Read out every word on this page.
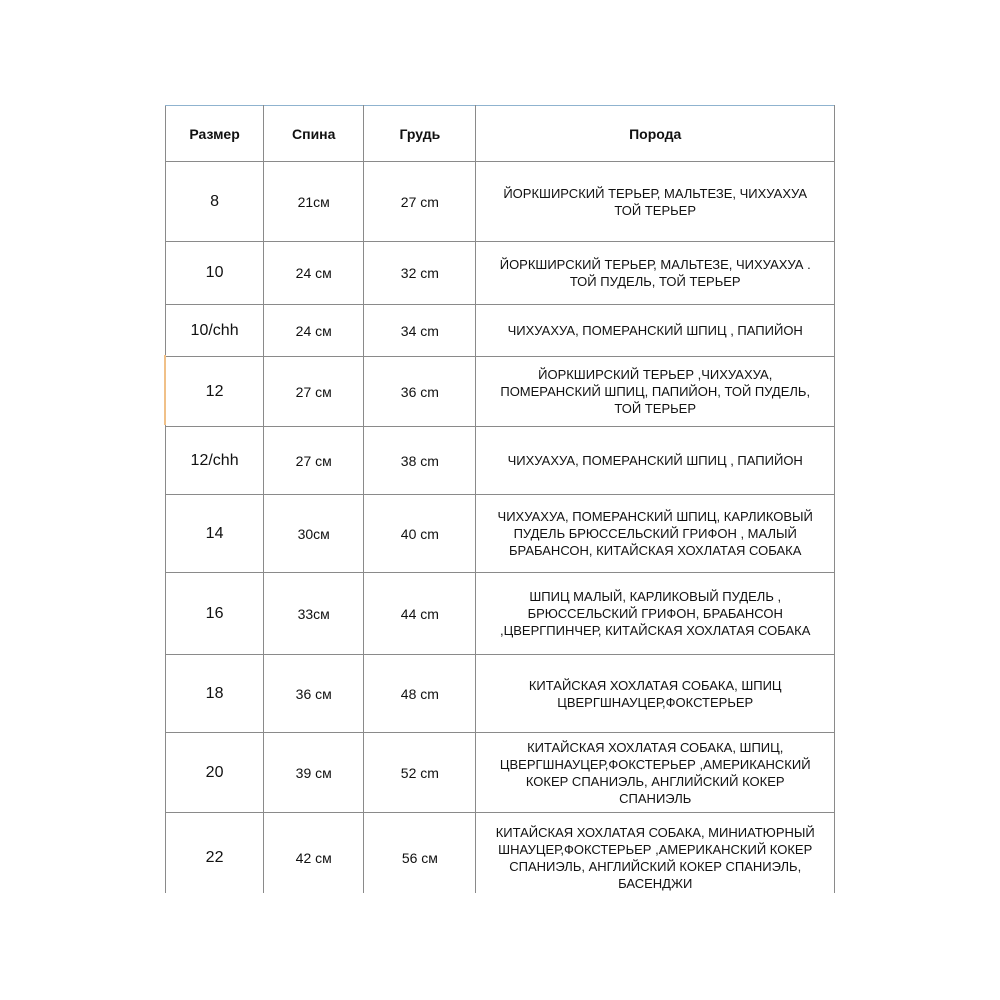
Размер	Спина	Грудь	Порода
8	21см	27 cm	ЙОРКШИРСКИЙ ТЕРЬЕР, МАЛЬТЕЗЕ, ЧИХУАХУА ТОЙ ТЕРЬЕР
10	24 см	32 cm	ЙОРКШИРСКИЙ ТЕРЬЕР, МАЛЬТЕЗЕ, ЧИХУАХУА . ТОЙ ПУДЕЛЬ, ТОЙ ТЕРЬЕР
10/chh	24 см	34 cm	ЧИХУАХУА, ПОМЕРАНСКИЙ ШПИЦ , ПАПИЙОН
12	27 см	36 cm	ЙОРКШИРСКИЙ ТЕРЬЕР ,ЧИХУАХУА, ПОМЕРАНСКИЙ ШПИЦ, ПАПИЙОН, ТОЙ ПУДЕЛЬ, ТОЙ ТЕРЬЕР
12/chh	27 см	38 cm	ЧИХУАХУА, ПОМЕРАНСКИЙ ШПИЦ , ПАПИЙОН
14	30см	40 cm	ЧИХУАХУА, ПОМЕРАНСКИЙ ШПИЦ, КАРЛИКОВЫЙ ПУДЕЛЬ БРЮССЕЛЬСКИЙ ГРИФОН , МАЛЫЙ БРАБАНСОН, КИТАЙСКАЯ ХОХЛАТАЯ СОБАКА
16	33см	44 cm	ШПИЦ МАЛЫЙ, КАРЛИКОВЫЙ ПУДЕЛЬ , БРЮССЕЛЬСКИЙ ГРИФОН, БРАБАНСОН ,ЦВЕРГПИНЧЕР, КИТАЙСКАЯ ХОХЛАТАЯ СОБАКА
18	36 см	48 cm	КИТАЙСКАЯ ХОХЛАТАЯ СОБАКА, ШПИЦ ЦВЕРГШНАУЦЕР,ФОКСТЕРЬЕР
20	39 см	52 cm	КИТАЙСКАЯ ХОХЛАТАЯ СОБАКА, ШПИЦ, ЦВЕРГШНАУЦЕР,ФОКСТЕРЬЕР ,АМЕРИКАНСКИЙ КОКЕР СПАНИЭЛЬ, АНГЛИЙСКИЙ КОКЕР СПАНИЭЛЬ
22	42 см	56 см	КИТАЙСКАЯ ХОХЛАТАЯ СОБАКА, МИНИАТЮРНЫЙ ШНАУЦЕР,ФОКСТЕРЬЕР ,АМЕРИКАНСКИЙ КОКЕР СПАНИЭЛЬ, АНГЛИЙСКИЙ КОКЕР СПАНИЭЛЬ, БАСЕНДЖИ
